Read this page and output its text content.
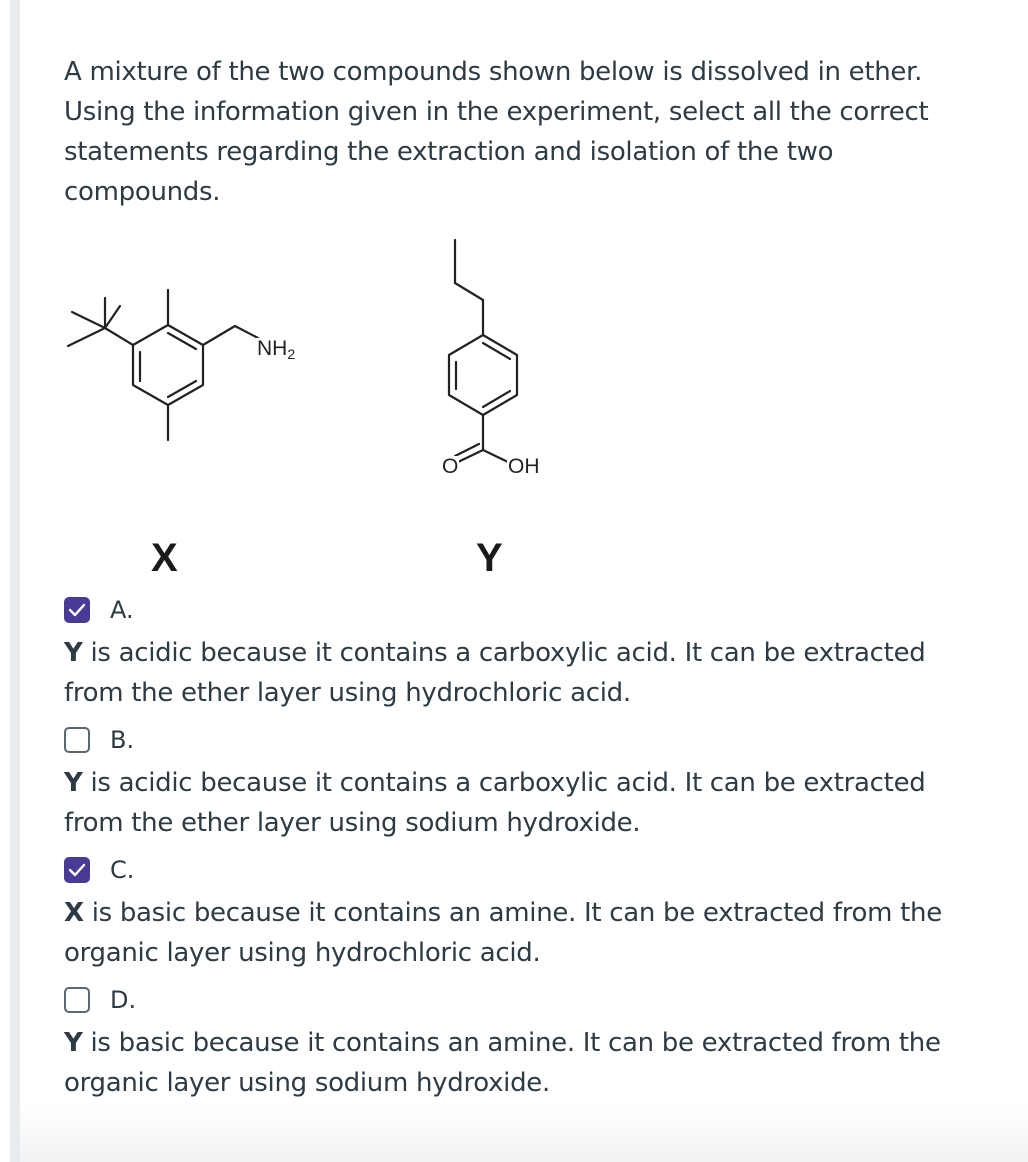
A mixture of the two compounds shown below is dissolved in ether. Using the information given in the experiment, select all the correct statements regarding the extraction and isolation of the two compounds.
$NH_2$
O OH
X	Y
A.
Y is acidic because it contains a carboxylic acid. It can be extracted from the ether layer using hydrochloric acid.
B.
Y is acidic because it contains a carboxylic acid. It can be extracted from the ether layer using sodium hydroxide.
C.
X is basic because it contains an amine. It can be extracted from the organic layer using hydrochloric acid.
D.
Y is basic because it contains an amine. It can be extracted from the organic layer using sodium hydroxide.
